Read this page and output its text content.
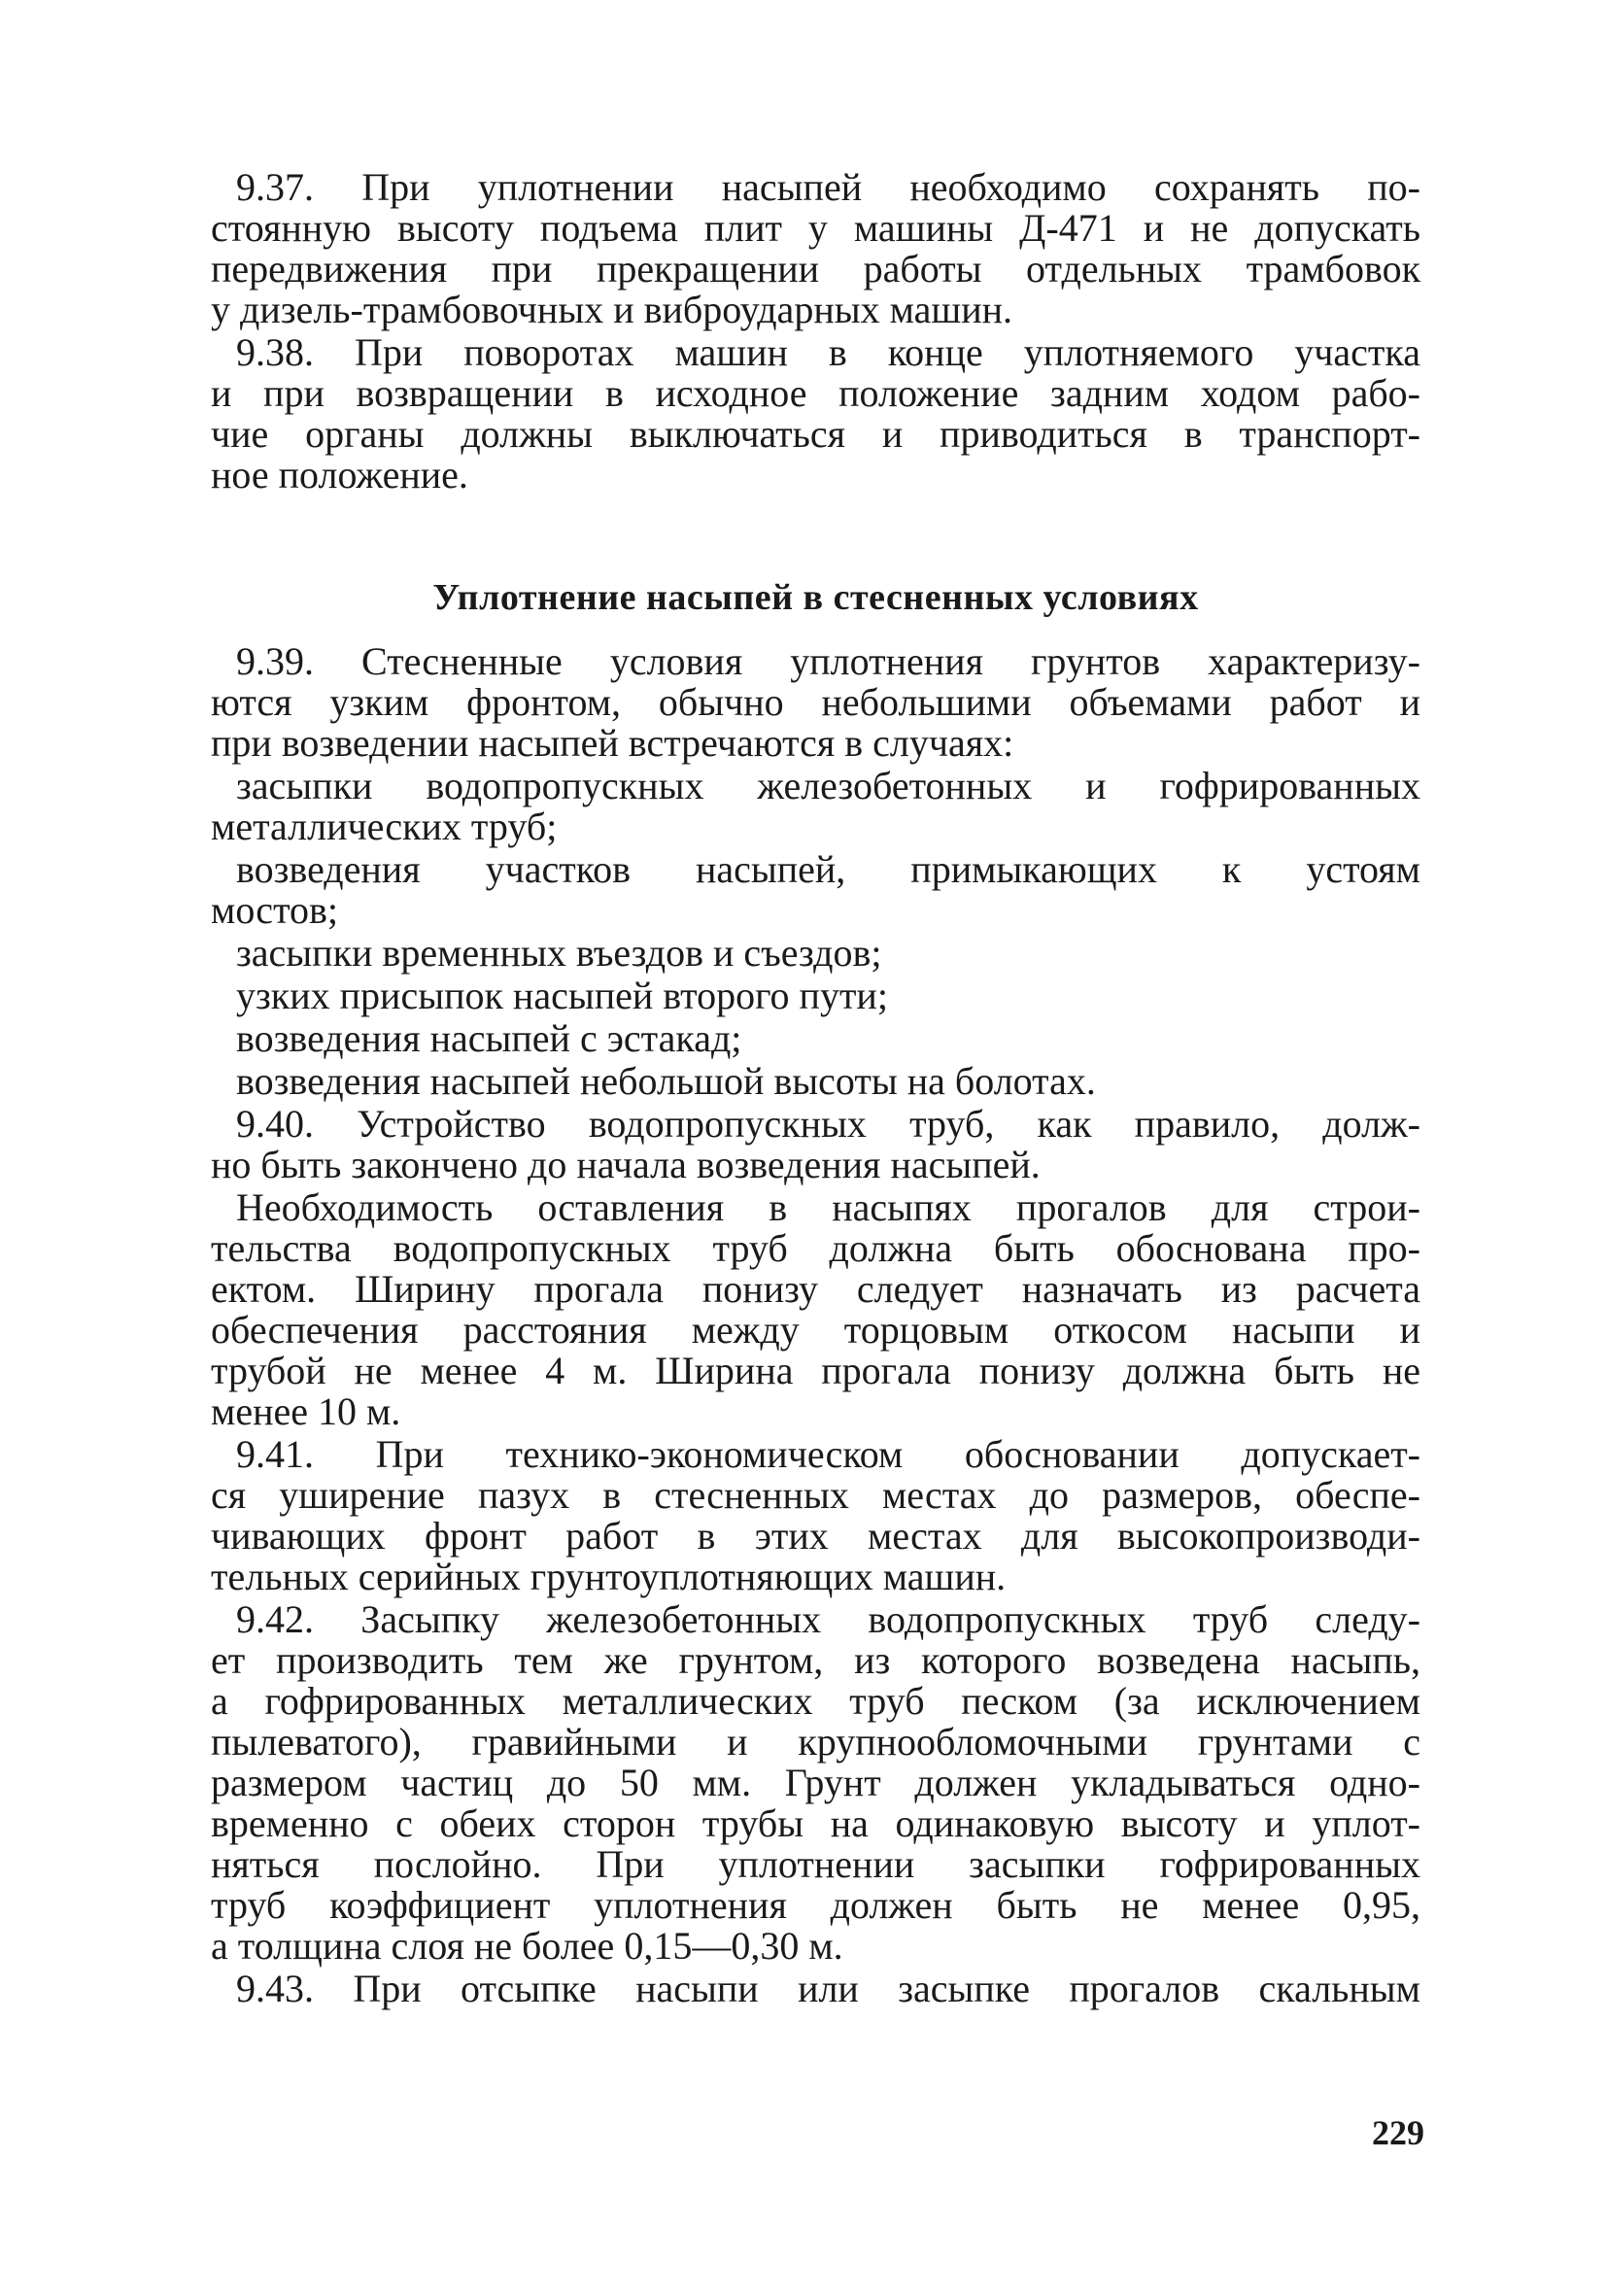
9.37. При уплотнении насыпей необходимо сохранять по-
стоянную высоту подъема плит у машины Д-471 и не допускать
передвижения при прекращении работы отдельных трамбовок
у дизель-трамбовочных и виброударных машин.
9.38. При поворотах машин в конце уплотняемого участка
и при возвращении в исходное положение задним ходом рабо-
чие органы должны выключаться и приводиться в транспорт-
ное положение.
Уплотнение насыпей в стесненных условиях
9.39. Стесненные условия уплотнения грунтов характеризу-
ются узким фронтом, обычно небольшими объемами работ и
при возведении насыпей встречаются в случаях:
засыпки водопропускных железобетонных и гофрированных
металлических труб;
возведения участков насыпей, примыкающих к устоям
мостов;
засыпки временных въездов и съездов;
узких присыпок насыпей второго пути;
возведения насыпей с эстакад;
возведения насыпей небольшой высоты на болотах.
9.40. Устройство водопропускных труб, как правило, долж-
но быть закончено до начала возведения насыпей.
Необходимость оставления в насыпях прогалов для строи-
тельства водопропускных труб должна быть обоснована про-
ектом. Ширину прогала понизу следует назначать из расчета
обеспечения расстояния между торцовым откосом насыпи и
трубой не менее 4 м. Ширина прогала понизу должна быть не
менее 10 м.
9.41. При технико-экономическом обосновании допускает-
ся уширение пазух в стесненных местах до размеров, обеспе-
чивающих фронт работ в этих местах для высокопроизводи-
тельных серийных грунтоуплотняющих машин.
9.42. Засыпку железобетонных водопропускных труб следу-
ет производить тем же грунтом, из которого возведена насыпь,
а гофрированных металлических труб песком (за исключением
пылеватого), гравийными и крупнообломочными грунтами с
размером частиц до 50 мм. Грунт должен укладываться одно-
временно с обеих сторон трубы на одинаковую высоту и уплот-
няться послойно. При уплотнении засыпки гофрированных
труб коэффициент уплотнения должен быть не менее 0,95,
а толщина слоя не более 0,15—0,30 м.
9.43. При отсыпке насыпи или засыпке прогалов скальным
229
